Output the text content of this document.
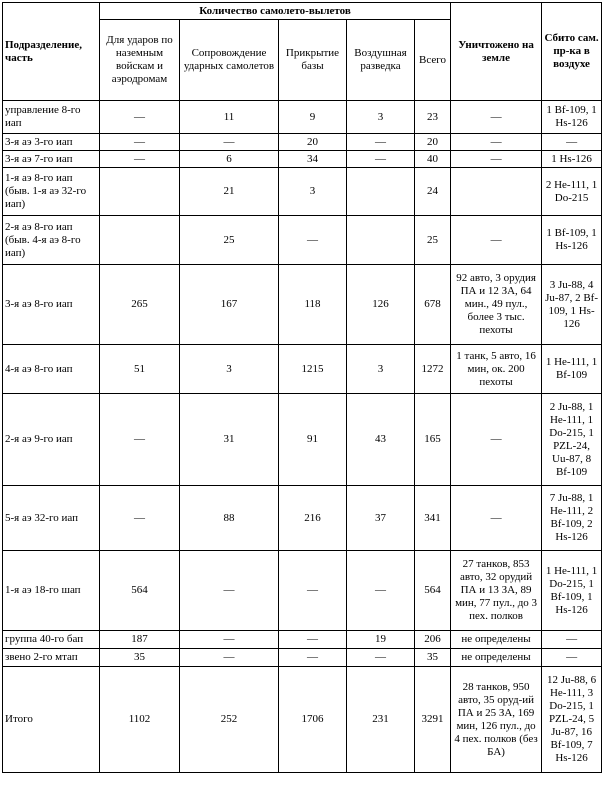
Подразделение, часть	Количество самолето-вылетов					Уничтожено на земле	Сбито сам. пр-ка в воздухе
	Для ударов по наземным войскам и аэродромам	Сопровождение ударных самолетов	Прикрытие базы	Воздушная разведка	Всего		
управление 8-го иап	—	11	9	3	23	—	1 Bf-109, 1 Hs-126
3-я аэ 3-го иап	—	—	20	—	20	—	—
3-я аэ 7-го иап	—	6	34	—	40	—	1 Hs-126
1-я аэ 8-го иап (быв. 1-я аэ 32-го иап)		21	3		24		2 He-111, 1 Do-215
2-я аэ 8-го иап (быв. 4-я аэ 8-го иап)		25	—		25	—	1 Bf-109, 1 Hs-126
3-я аэ 8-го иап	265	167	118	126	678	92 авто, 3 орудия ПА и 12 ЗА, 64 мин., 49 пул., более 3 тыс. пехоты	3 Ju-88, 4 Ju-87, 2 Bf-109, 1 Hs-126
4-я аэ 8-го иап	51	3	1215	3	1272	1 танк, 5 авто, 16 мин, ок. 200 пехоты	1 He-111, 1 Bf-109
2-я аэ 9-го иап	—	31	91	43	165	—	2 Ju-88, 1 He-111, 1 Do-215, 1 PZL-24, Uu-87, 8 Bf-109
5-я аэ 32-го иап	—	88	216	37	341	—	7 Ju-88, 1 He-111, 2 Bf-109, 2 Hs-126
1-я аэ 18-го шап	564	—	—	—	564	27 танков, 853 авто, 32 орудий ПА и 13 ЗА, 89 мин, 77 пул., до 3 пех. полков	1 He-111, 1 Do-215, 1 Bf-109, 1 Hs-126
группа 40-го бап	187	—	—	19	206	не определены	—
звено 2-го мтап	35	—	—	—	35	не определены	—
Итого	1102	252	1706	231	3291	28 танков, 950 авто, 35 оруд-ий ПА и 25 ЗА, 169 мин, 126 пул., до 4 пех. полков (без БА)	12 Ju-88, 6 He-111, 3 Do-215, 1 PZL-24, 5 Ju-87, 16 Bf-109, 7 Hs-126
